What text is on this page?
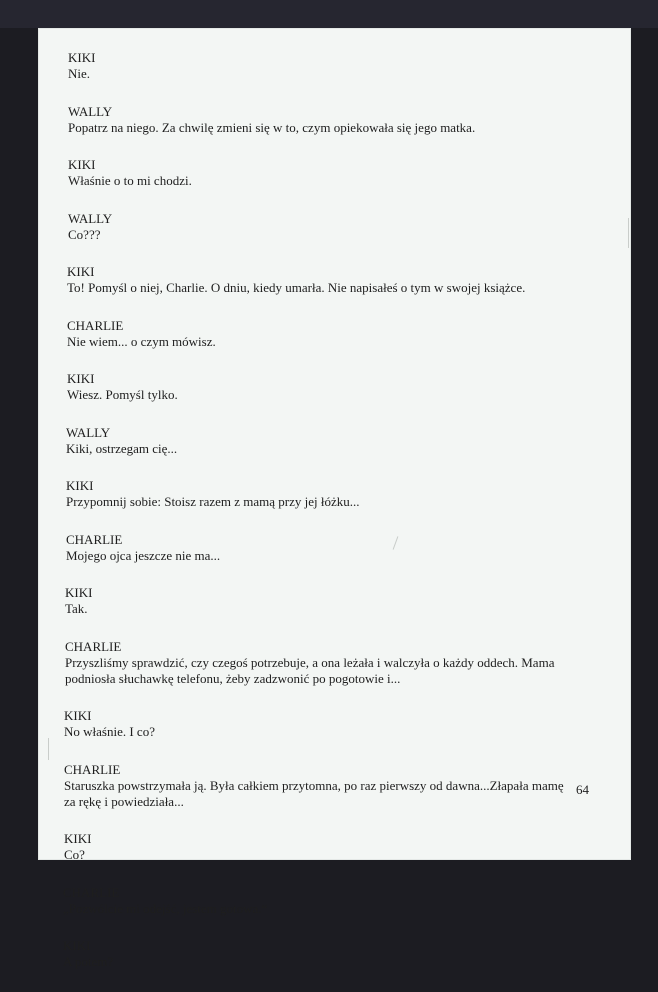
KIKI
Nie.
WALLY
Popatrz na niego. Za chwilę zmieni się w to, czym opiekowała się jego matka.
KIKI
Właśnie o to mi chodzi.
WALLY
Co???
KIKI
To! Pomyśl o niej, Charlie. O dniu, kiedy umarła. Nie napisałeś o tym w swojej książce.
CHARLIE
Nie wiem... o czym mówisz.
KIKI
Wiesz. Pomyśl tylko.
WALLY
Kiki, ostrzegam cię...
KIKI
Przypomnij sobie: Stoisz razem z mamą przy jej łóżku...
CHARLIE
Mojego ojca jeszcze nie ma...
KIKI
Tak.
CHARLIE
Przyszliśmy sprawdzić, czy czegoś potrzebuje, a ona leżała i walczyła o każdy oddech. Mama
podniosła słuchawkę telefonu, żeby zadzwonić po pogotowie i...
KIKI
No właśnie. I co?
CHARLIE
Staruszka powstrzymała ją. Była całkiem przytomna, po raz pierwszy od dawna...Złapała mamę
za rękę i powiedziała...
KIKI
Co?
CHARLIE
„Pozwólcie mi odejść, jestem gotowa.“
KIKI
A potem?
64
